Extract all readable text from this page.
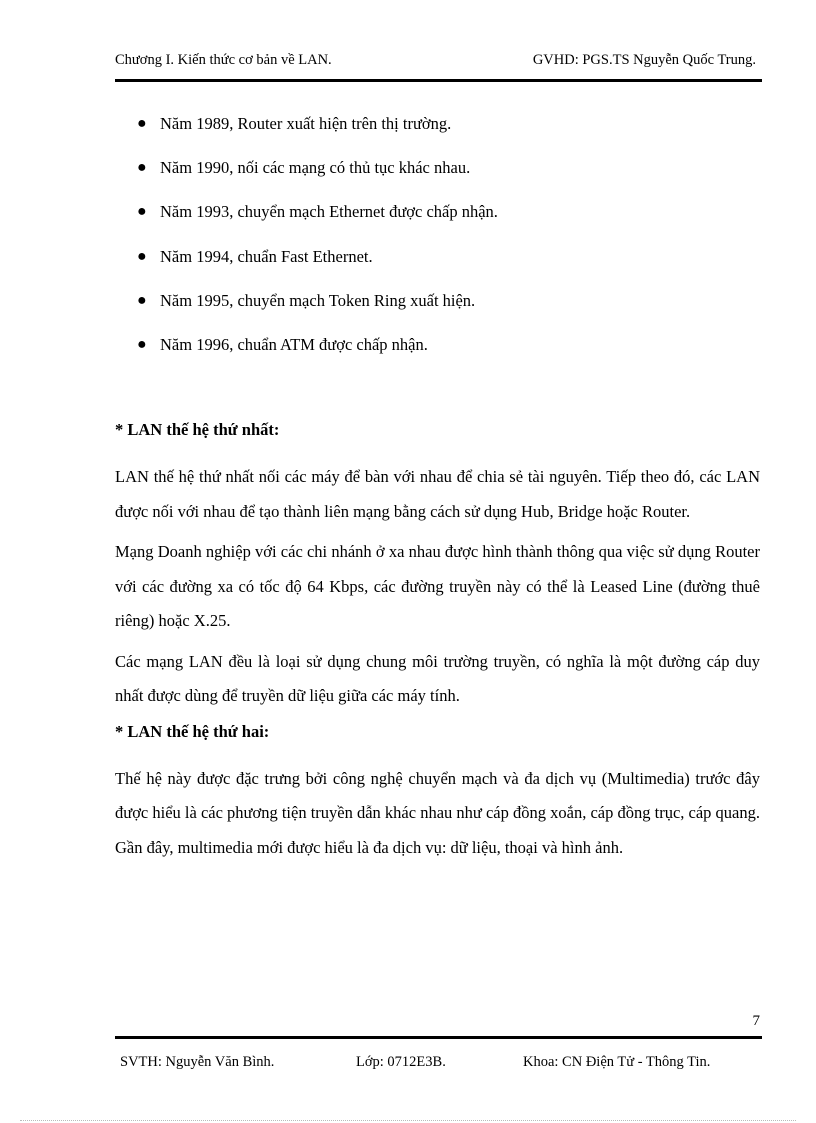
Chương I. Kiến thức cơ bản về LAN.	GVHD: PGS.TS Nguyễn Quốc Trung.
● Năm 1989, Router xuất hiện trên thị trường.
● Năm 1990, nối các mạng có thủ tục khác nhau.
● Năm 1993, chuyển mạch Ethernet được chấp nhận.
● Năm 1994, chuẩn Fast Ethernet.
● Năm 1995, chuyển mạch Token Ring xuất hiện.
● Năm 1996, chuẩn ATM được chấp nhận.

* LAN thế hệ thứ nhất:

LAN thế hệ thứ nhất nối các máy để bàn với nhau để chia sẻ tài nguyên. Tiếp theo đó, các LAN được nối với nhau để tạo thành liên mạng bằng cách sử dụng Hub, Bridge hoặc Router.

Mạng Doanh nghiệp với các chi nhánh ở xa nhau được hình thành thông qua việc sử dụng Router với các đường xa có tốc độ 64 Kbps, các đường truyền này có thể là Leased Line (đường thuê riêng) hoặc X.25.

Các mạng LAN đều là loại sử dụng chung môi trường truyền, có nghĩa là một đường cáp duy nhất được dùng để truyền dữ liệu giữa các máy tính.

* LAN thế hệ thứ hai:

Thế hệ này được đặc trưng bởi công nghệ chuyển mạch và đa dịch vụ (Multimedia) trước đây được hiểu là các phương tiện truyền dẫn khác nhau như cáp đồng xoắn, cáp đồng trục, cáp quang. Gần đây, multimedia mới được hiểu là đa dịch vụ: dữ liệu, thoại và hình ảnh.

7
SVTH: Nguyễn Văn Bình.	Lớp: 0712E3B.	Khoa: CN Điện Tử - Thông Tin.
